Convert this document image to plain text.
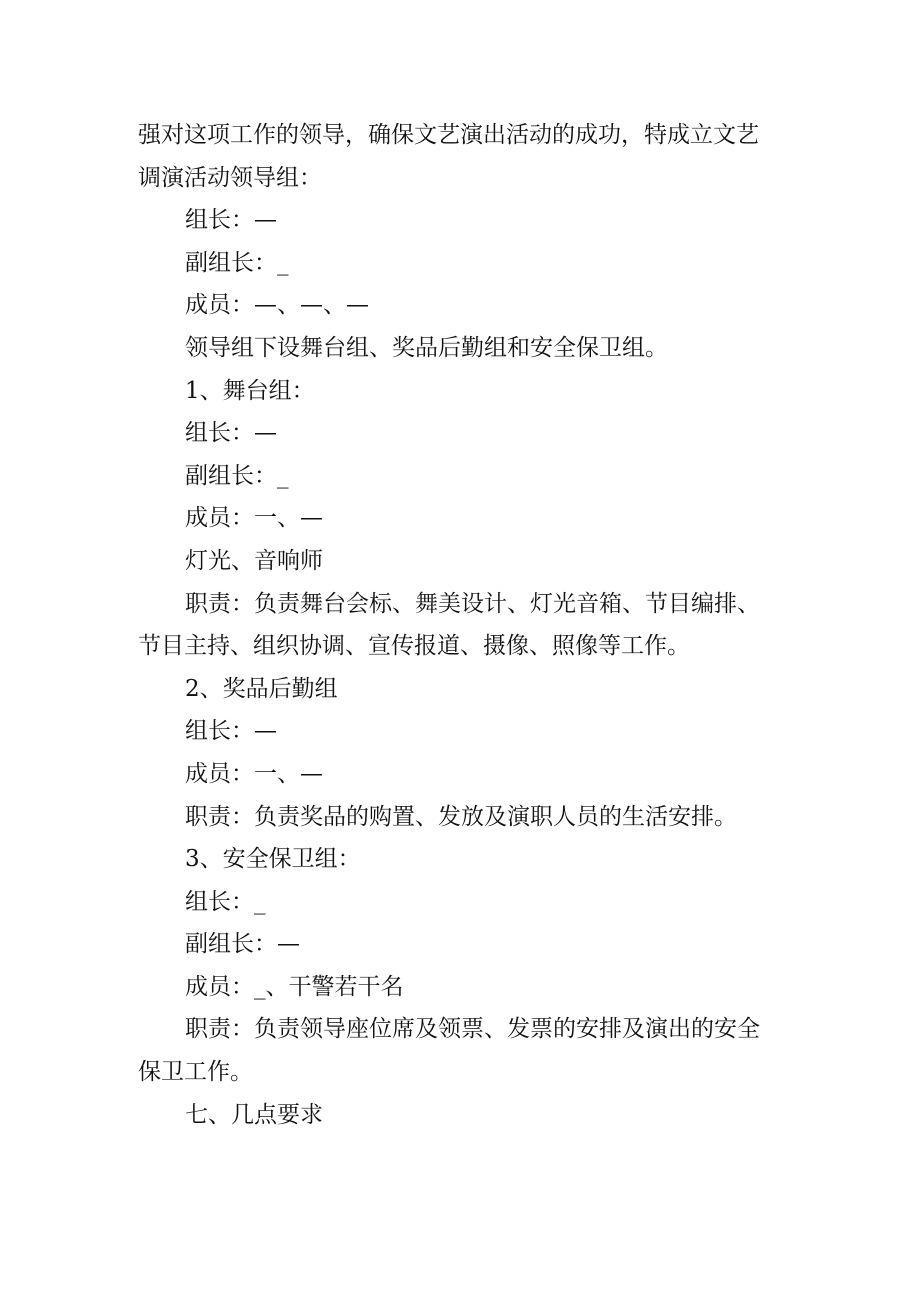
强对这项工作的领导，确保文艺演出活动的成功，特成立文艺

调演活动领导组：

组长：—

副组长：_

成员：—、—、—

领导组下设舞台组、奖品后勤组和安全保卫组。

1、舞台组：

组长：—

副组长：_

成员：一、—

灯光、音响师

职责：负责舞台会标、舞美设计、灯光音箱、节目编排、

节目主持、组织协调、宣传报道、摄像、照像等工作。

2、奖品后勤组

组长：—

成员：一、—

职责：负责奖品的购置、发放及演职人员的生活安排。

3、安全保卫组：

组长：_

副组长：—

成员：_、干警若干名

职责：负责领导座位席及领票、发票的安排及演出的安全

保卫工作。

七、几点要求
